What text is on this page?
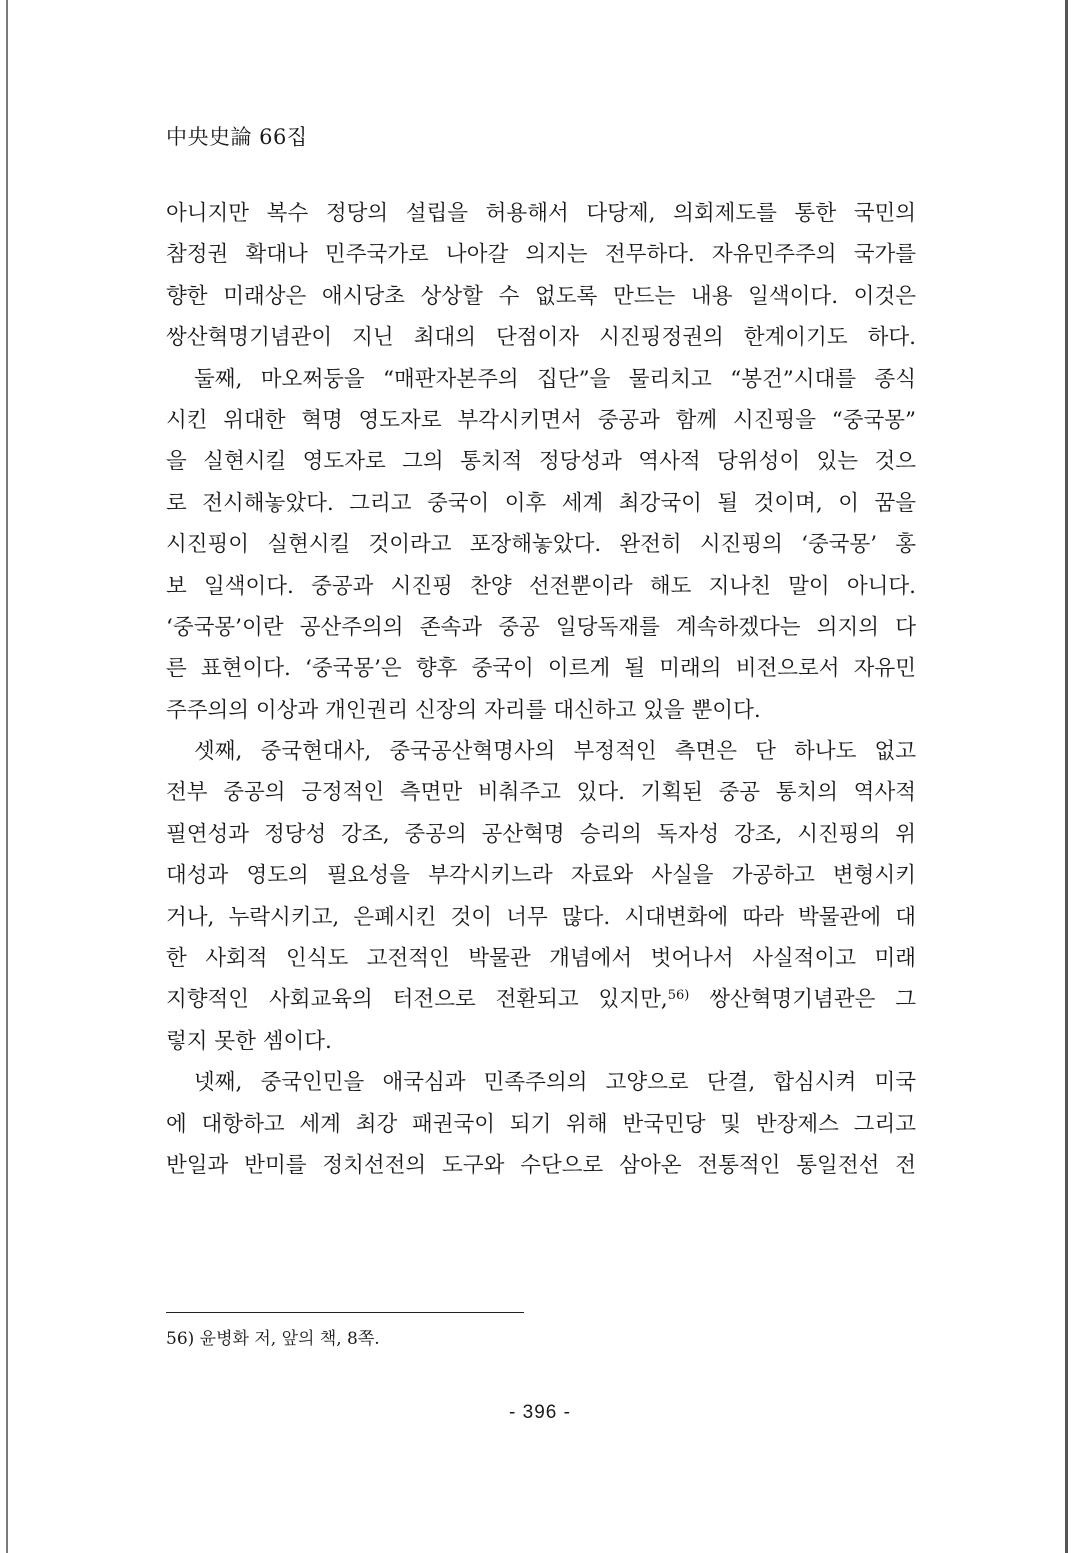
中央史論 66집
아니지만 복수 정당의 설립을 허용해서 다당제, 의회제도를 통한 국민의
참정권 확대나 민주국가로 나아갈 의지는 전무하다. 자유민주주의 국가를
향한 미래상은 애시당초 상상할 수 없도록 만드는 내용 일색이다. 이것은
쌍산혁명기념관이 지닌 최대의 단점이자 시진핑정권의 한계이기도 하다.
둘째, 마오쩌둥을 “매판자본주의 집단”을 물리치고 “봉건”시대를 종식
시킨 위대한 혁명 영도자로 부각시키면서 중공과 함께 시진핑을 “중국몽”
을 실현시킬 영도자로 그의 통치적 정당성과 역사적 당위성이 있는 것으
로 전시해놓았다. 그리고 중국이 이후 세계 최강국이 될 것이며, 이 꿈을
시진핑이 실현시킬 것이라고 포장해놓았다. 완전히 시진핑의 ‘중국몽’ 홍
보 일색이다. 중공과 시진핑 찬양 선전뿐이라 해도 지나친 말이 아니다.
‘중국몽’이란 공산주의의 존속과 중공 일당독재를 계속하겠다는 의지의 다
른 표현이다. ‘중국몽’은 향후 중국이 이르게 될 미래의 비전으로서 자유민
주주의의 이상과 개인권리 신장의 자리를 대신하고 있을 뿐이다.
셋째, 중국현대사, 중국공산혁명사의 부정적인 측면은 단 하나도 없고
전부 중공의 긍정적인 측면만 비춰주고 있다. 기획된 중공 통치의 역사적
필연성과 정당성 강조, 중공의 공산혁명 승리의 독자성 강조, 시진핑의 위
대성과 영도의 필요성을 부각시키느라 자료와 사실을 가공하고 변형시키
거나, 누락시키고, 은폐시킨 것이 너무 많다. 시대변화에 따라 박물관에 대
한 사회적 인식도 고전적인 박물관 개념에서 벗어나서 사실적이고 미래
지향적인 사회교육의 터전으로 전환되고 있지만,$^{56)}$ 쌍산혁명기념관은 그
렇지 못한 셈이다.
넷째, 중국인민을 애국심과 민족주의의 고양으로 단결, 합심시켜 미국
에 대항하고 세계 최강 패권국이 되기 위해 반국민당 및 반장제스 그리고
반일과 반미를 정치선전의 도구와 수단으로 삼아온 전통적인 통일전선 전
56) 윤병화 저, 앞의 책, 8쪽.
- 396 -
